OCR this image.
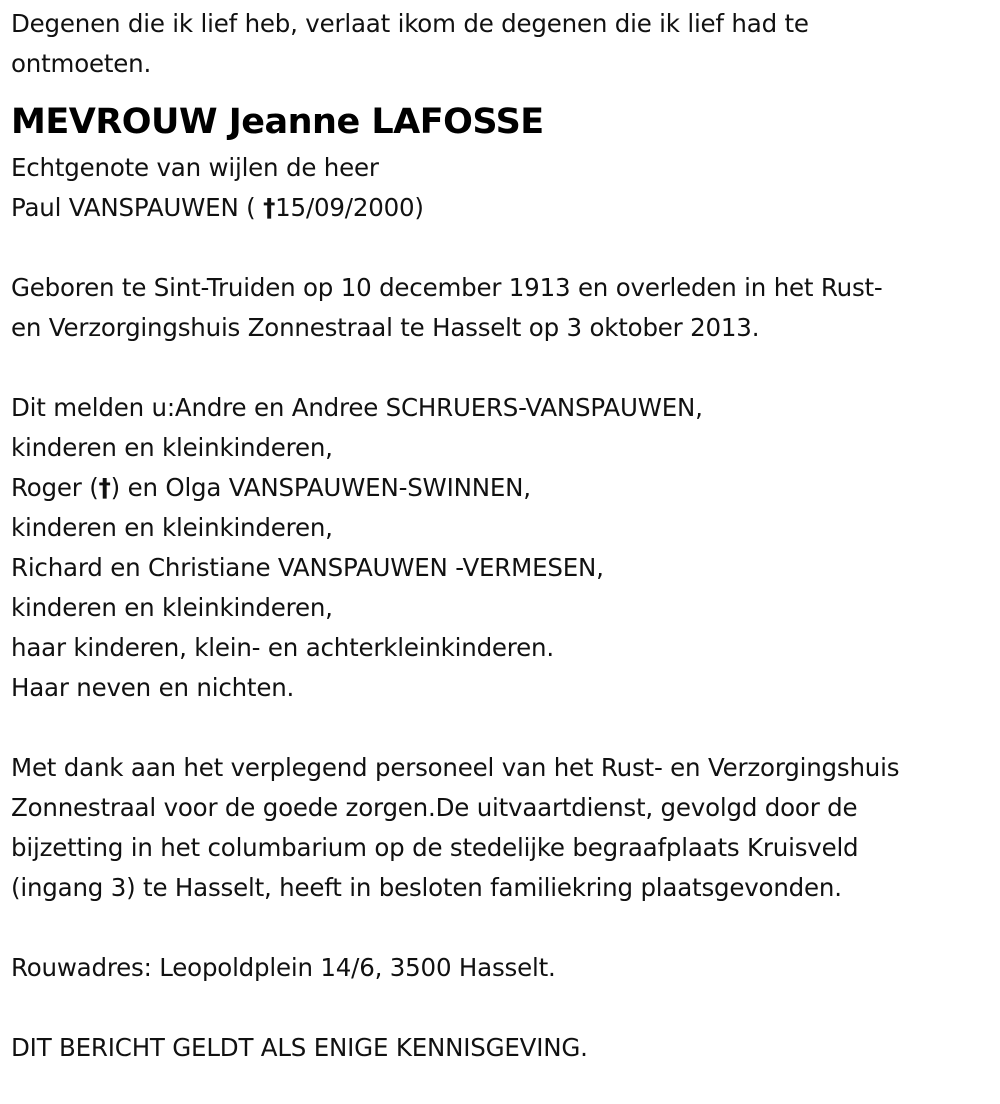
Degenen die ik lief heb, verlaat ikom de degenen die ik lief had te
ontmoeten.
MEVROUW Jeanne LAFOSSE
Echtgenote van wijlen de heer
Paul VANSPAUWEN ( †15/09/2000)
Geboren te Sint-Truiden op 10 december 1913 en overleden in het Rust-
en Verzorgingshuis Zonnestraal te Hasselt op 3 oktober 2013.
Dit melden u:Andre en Andree SCHRUERS-VANSPAUWEN,
kinderen en kleinkinderen,
Roger (†) en Olga VANSPAUWEN-SWINNEN,
kinderen en kleinkinderen,
Richard en Christiane VANSPAUWEN -VERMESEN,
kinderen en kleinkinderen,
haar kinderen, klein- en achterkleinkinderen.
Haar neven en nichten.
Met dank aan het verplegend personeel van het Rust- en Verzorgingshuis
Zonnestraal voor de goede zorgen.De uitvaartdienst, gevolgd door de
bijzetting in het columbarium op de stedelijke begraafplaats Kruisveld
(ingang 3) te Hasselt, heeft in besloten familiekring plaatsgevonden.
Rouwadres: Leopoldplein 14/6, 3500 Hasselt.
DIT BERICHT GELDT ALS ENIGE KENNISGEVING.
